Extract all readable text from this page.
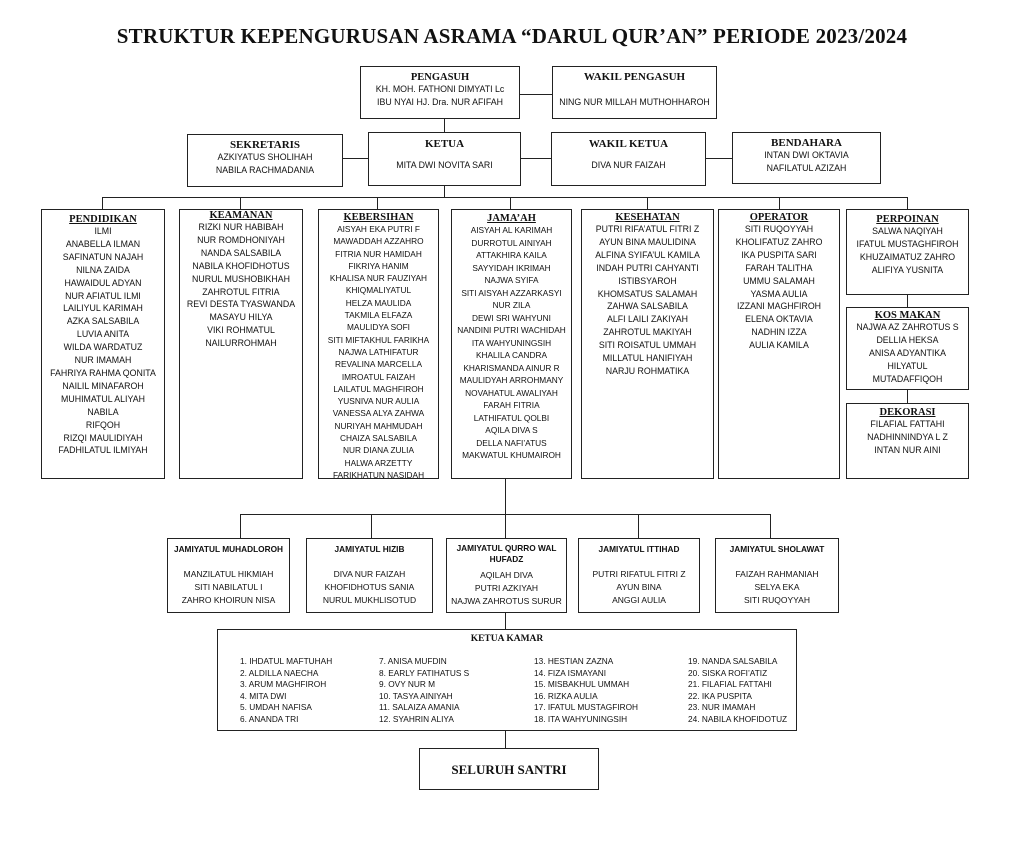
STRUKTUR KEPENGURUSAN ASRAMA “DARUL QUR’AN” PERIODE 2023/2024
PENGASUH
KH. MOH. FATHONI DIMYATI Lc
IBU NYAI HJ. Dra. NUR AFIFAH
WAKIL PENGASUH
NING NUR MILLAH MUTHOHHAROH
SEKRETARIS
AZKIYATUS SHOLIHAH
NABILA RACHMADANIA
KETUA
MITA DWI NOVITA SARI
WAKIL KETUA
DIVA NUR FAIZAH
BENDAHARA
INTAN DWI OKTAVIA
NAFILATUL AZIZAH
PENDIDIKAN
ILMI
ANABELLA ILMAN
SAFINATUN NAJAH
NILNA ZAIDA
HAWAIDUL ADYAN
NUR AFIATUL ILMI
LAILIYUL KARIMAH
AZKA SALSABILA
LUVIA ANITA
WILDA WARDATUZ
NUR IMAMAH
FAHRIYA RAHMA QONITA
NAILIL MINAFAROH
MUHIMATUL ALIYAH
NABILA
RIFQOH
RIZQI MAULIDIYAH
FADHILATUL ILMIYAH
KEAMANAN
RIZKI NUR HABIBAH
NUR ROMDHONIYAH
NANDA SALSABILA
NABILA KHOFIDHOTUS
NURUL MUSHOBIKHAH
ZAHROTUL FITRIA
REVI DESTA TYASWANDA
MASAYU HILYA
VIKI ROHMATUL
NAILURROHMAH
KEBERSIHAN
AISYAH EKA PUTRI F
MAWADDAH AZZAHRO
FITRIA NUR HAMIDAH
FIKRIYA HANIM
KHALISA NUR FAUZIYAH
KHIQMALIYATUL
HELZA MAULIDA
TAKMILA ELFAZA
MAULIDYA SOFI
SITI MIFTAKHUL FARIKHA
NAJWA LATHIFATUR
REVALINA MARCELLA
IMROATUL FAIZAH
LAILATUL MAGHFIROH
YUSNIVA NUR AULIA
VANESSA ALYA ZAHWA
NURIYAH MAHMUDAH
CHAIZA SALSABILA
NUR DIANA ZULIA
HALWA ARZETTY
FARIKHATUN NASIDAH
JAMA’AH
AISYAH AL KARIMAH
DURROTUL AINIYAH
ATTAKHIRA KAILA
SAYYIDAH IKRIMAH
NAJWA SYIFA
SITI AISYAH AZZARKASYI
NUR ZILA
DEWI SRI WAHYUNI
NANDINI PUTRI WACHIDAH
ITA WAHYUNINGSIH
KHALILA CANDRA
KHARISMANDA AINUR R
MAULIDYAH ARROHMANY
NOVAHATUL AWALIYAH
FARAH FITRIA
LATHIFATUL QOLBI
AQILA DIVA S
DELLA NAFI’ATUS
MAKWATUL KHUMAIROH
KESEHATAN
PUTRI RIFA’ATUL FITRI Z
AYUN BINA MAULIDINA
ALFINA SYIFA’UL KAMILA
INDAH PUTRI CAHYANTI
ISTIBSYAROH
KHOMSATUS SALAMAH
ZAHWA SALSABILA
ALFI LAILI ZAKIYAH
ZAHROTUL MAKIYAH
SITI ROISATUL UMMAH
MILLATUL HANIFIYAH
NARJU ROHMATIKA
OPERATOR
SITI RUQOYYAH
KHOLIFATUZ ZAHRO
IKA PUSPITA SARI
FARAH TALITHA
UMMU SALAMAH
YASMA AULIA
IZZANI MAGHFIROH
ELENA OKTAVIA
NADHIN IZZA
AULIA KAMILA
PERPOINAN
SALWA NAQIYAH
IFATUL MUSTAGHFIROH
KHUZAIMATUZ ZAHRO
ALIFIYA YUSNITA
KOS MAKAN
NAJWA AZ ZAHROTUS S
DELLIA HEKSA
ANISA ADYANTIKA
HILYATUL
MUTADAFFIQOH
DEKORASI
FILAFIAL FATTAHI
NADHINNINDYA L Z
INTAN NUR AINI
JAMIYATUL MUHADLOROH
MANZILATUL HIKMIAH
SITI NABILATUL I
ZAHRO KHOIRUN NISA
JAMIYATUL HIZIB
DIVA NUR FAIZAH
KHOFIDHOTUS SANIA
NURUL MUKHLISOTUD
JAMIYATUL QURRO WAL HUFADZ
AQILAH DIVA
PUTRI AZKIYAH
NAJWA ZAHROTUS SURUR
JAMIYATUL ITTIHAD
PUTRI RIFATUL FITRI Z
AYUN BINA
ANGGI AULIA
JAMIYATUL SHOLAWAT
FAIZAH RAHMANIAH
SELYA EKA
SITI RUQOYYAH
KETUA KAMAR
1. IHDATUL MAFTUHAH
2. ALDILLA NAECHA
3. ARUM MAGHFIROH
4. MITA DWI
5. UMDAH NAFISA
6. ANANDA TRI
7. ANISA MUFDIN
8. EARLY FATIHATUS S
9. OVY NUR M
10. TASYA AINIYAH
11. SALAIZA AMANIA
12. SYAHRIN ALIYA
13. HESTIAN ZAZNA
14. FIZA ISMAYANI
15. MISBAKHUL UMMAH
16. RIZKA AULIA
17. IFATUL MUSTAGFIROH
18. ITA WAHYUNINGSIH
19. NANDA SALSABILA
20. SISKA ROFI’ATIZ
21. FILAFIAL FATTAHI
22. IKA PUSPITA
23. NUR IMAMAH
24. NABILA KHOFIDOTUZ
SELURUH SANTRI
